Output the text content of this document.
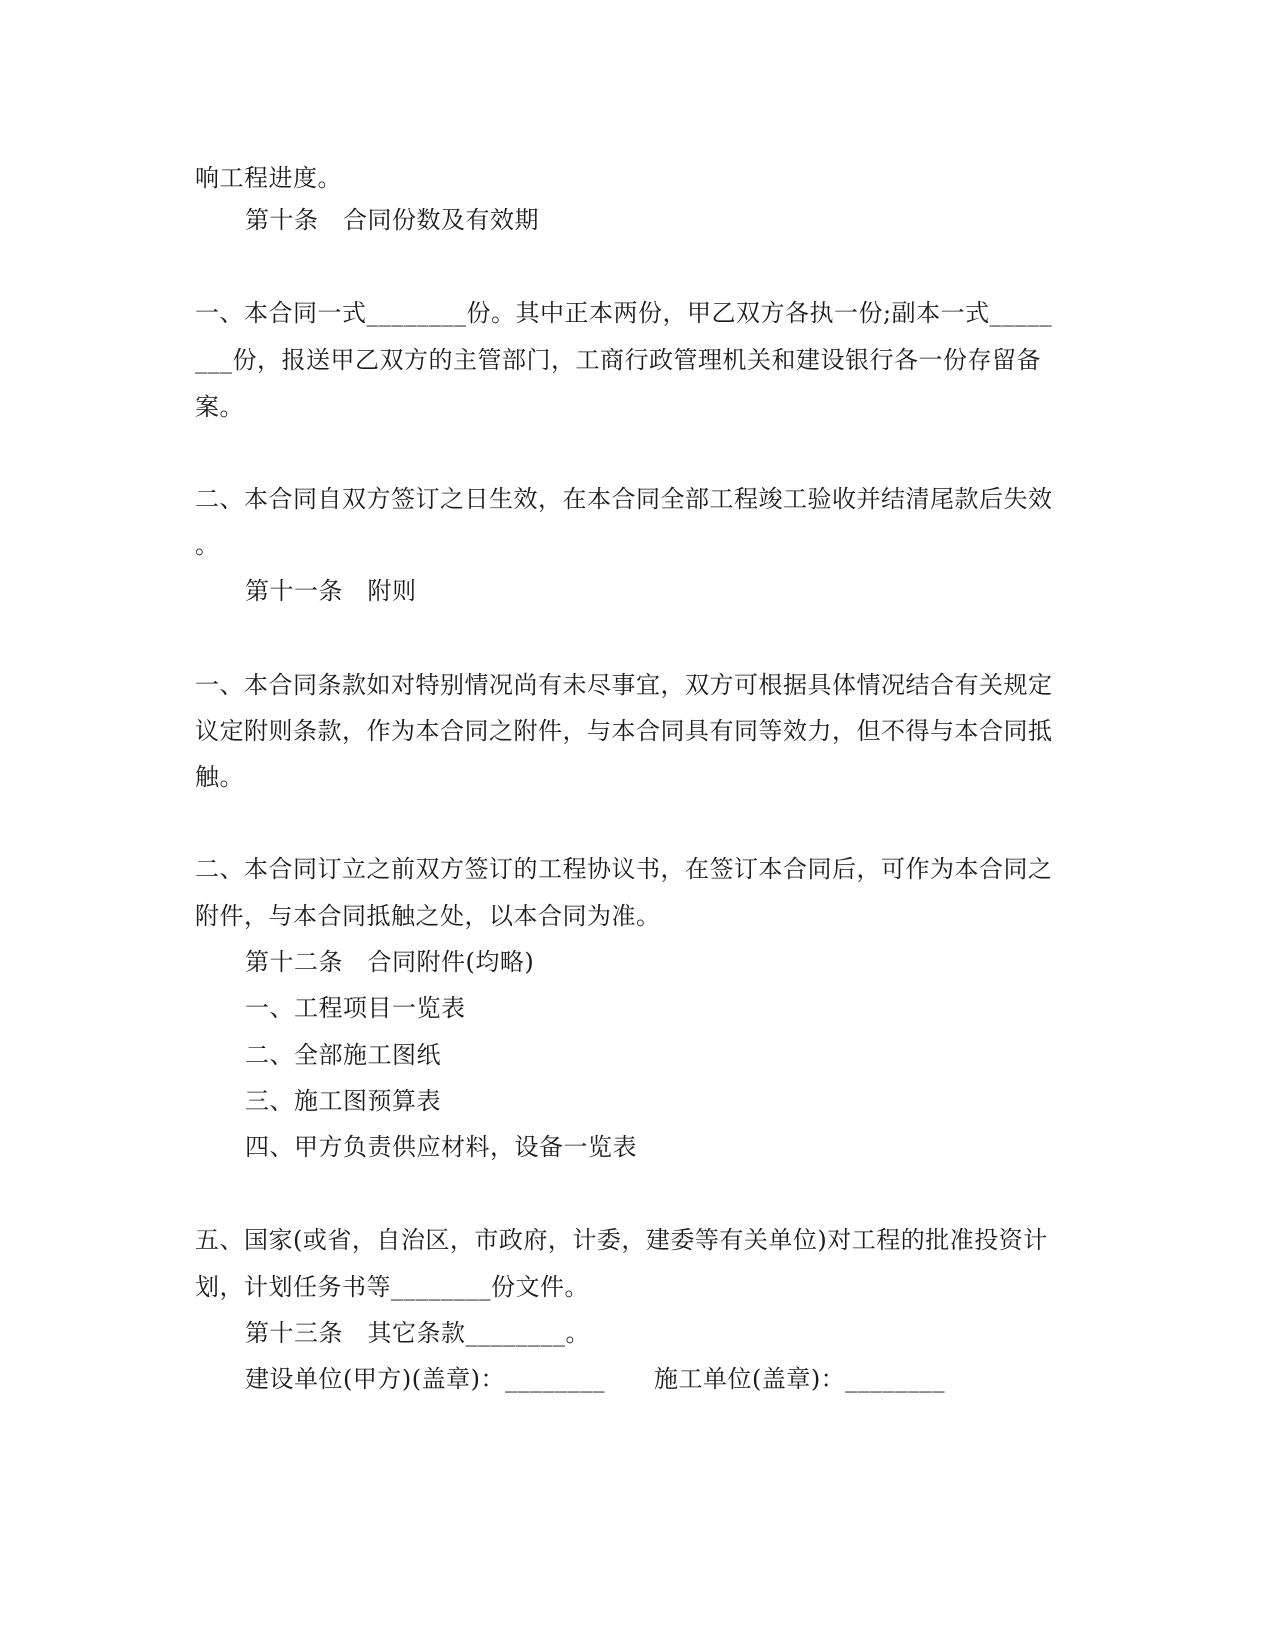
响工程进度。
第十条　合同份数及有效期
一、本合同一式________份。其中正本两份，甲乙双方各执一份;副本一式_____
___份，报送甲乙双方的主管部门，工商行政管理机关和建设银行各一份存留备
案。
二、本合同自双方签订之日生效，在本合同全部工程竣工验收并结清尾款后失效
。
第十一条　附则
一、本合同条款如对特别情况尚有未尽事宜，双方可根据具体情况结合有关规定
议定附则条款，作为本合同之附件，与本合同具有同等效力，但不得与本合同抵
触。
二、本合同订立之前双方签订的工程协议书，在签订本合同后，可作为本合同之
附件，与本合同抵触之处，以本合同为准。
第十二条　合同附件(均略)
一、工程项目一览表
二、全部施工图纸
三、施工图预算表
四、甲方负责供应材料，设备一览表
五、国家(或省，自治区，市政府，计委，建委等有关单位)对工程的批准投资计
划，计划任务书等________份文件。
第十三条　其它条款________。
建设单位(甲方)(盖章)：________　　施工单位(盖章)：________
